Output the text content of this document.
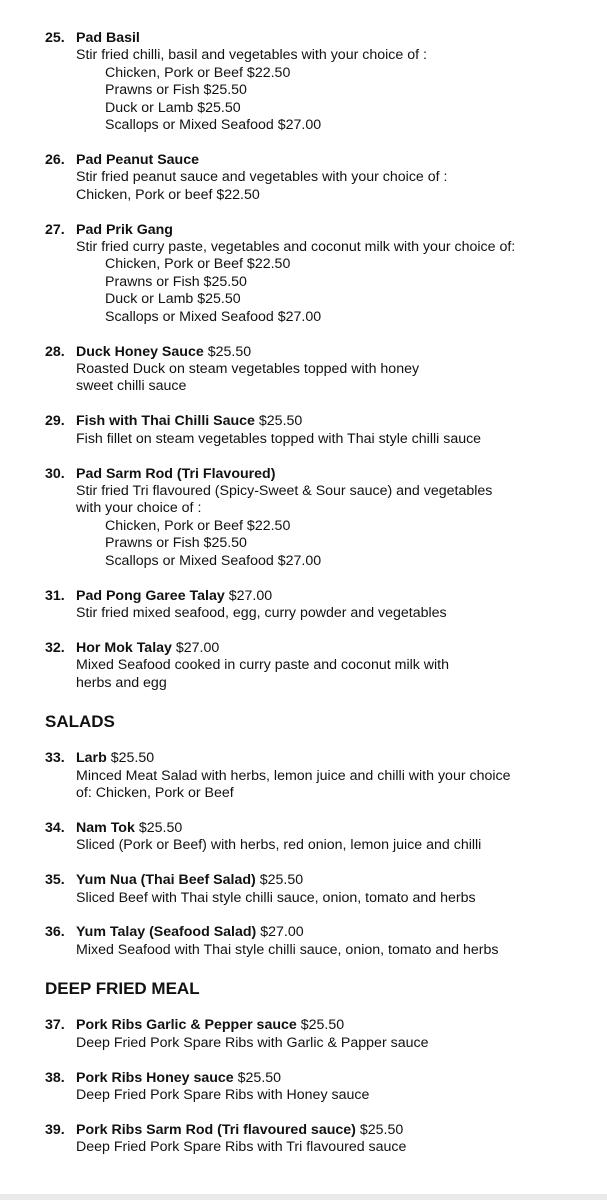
25. Pad Basil
Stir fried chilli, basil and vegetables with your choice of :
Chicken, Pork or Beef $22.50
Prawns or Fish $25.50
Duck or Lamb $25.50
Scallops or Mixed Seafood $27.00
26. Pad Peanut Sauce
Stir fried peanut sauce and vegetables with your choice of :
Chicken, Pork or beef $22.50
27. Pad Prik Gang
Stir fried curry paste, vegetables and coconut milk with your choice of:
Chicken, Pork or Beef $22.50
Prawns or Fish $25.50
Duck or Lamb $25.50
Scallops or Mixed Seafood $27.00
28. Duck Honey Sauce $25.50
Roasted Duck on steam vegetables topped with honey
sweet chilli sauce
29. Fish with Thai Chilli Sauce $25.50
Fish fillet on steam vegetables topped with Thai style chilli sauce
30. Pad Sarm Rod (Tri Flavoured)
Stir fried Tri flavoured (Spicy-Sweet & Sour sauce) and vegetables
with your choice of :
Chicken, Pork or Beef $22.50
Prawns or Fish $25.50
Scallops or Mixed Seafood $27.00
31. Pad Pong Garee Talay $27.00
Stir fried mixed seafood, egg, curry powder and vegetables
32. Hor Mok Talay $27.00
Mixed Seafood cooked in curry paste and coconut milk with
herbs and egg
SALADS
33. Larb $25.50
Minced Meat Salad with herbs, lemon juice and chilli with your choice
of: Chicken, Pork or Beef
34. Nam Tok $25.50
Sliced (Pork or Beef) with herbs, red onion, lemon juice and chilli
35. Yum Nua (Thai Beef Salad) $25.50
Sliced Beef with Thai style chilli sauce, onion, tomato and herbs
36. Yum Talay (Seafood Salad) $27.00
Mixed Seafood with Thai style chilli sauce, onion, tomato and herbs
DEEP FRIED MEAL
37. Pork Ribs Garlic & Pepper sauce $25.50
Deep Fried Pork Spare Ribs with Garlic & Papper sauce
38. Pork Ribs Honey sauce $25.50
Deep Fried Pork Spare Ribs with Honey sauce
39. Pork Ribs Sarm Rod (Tri flavoured sauce) $25.50
Deep Fried Pork Spare Ribs with Tri flavoured sauce
